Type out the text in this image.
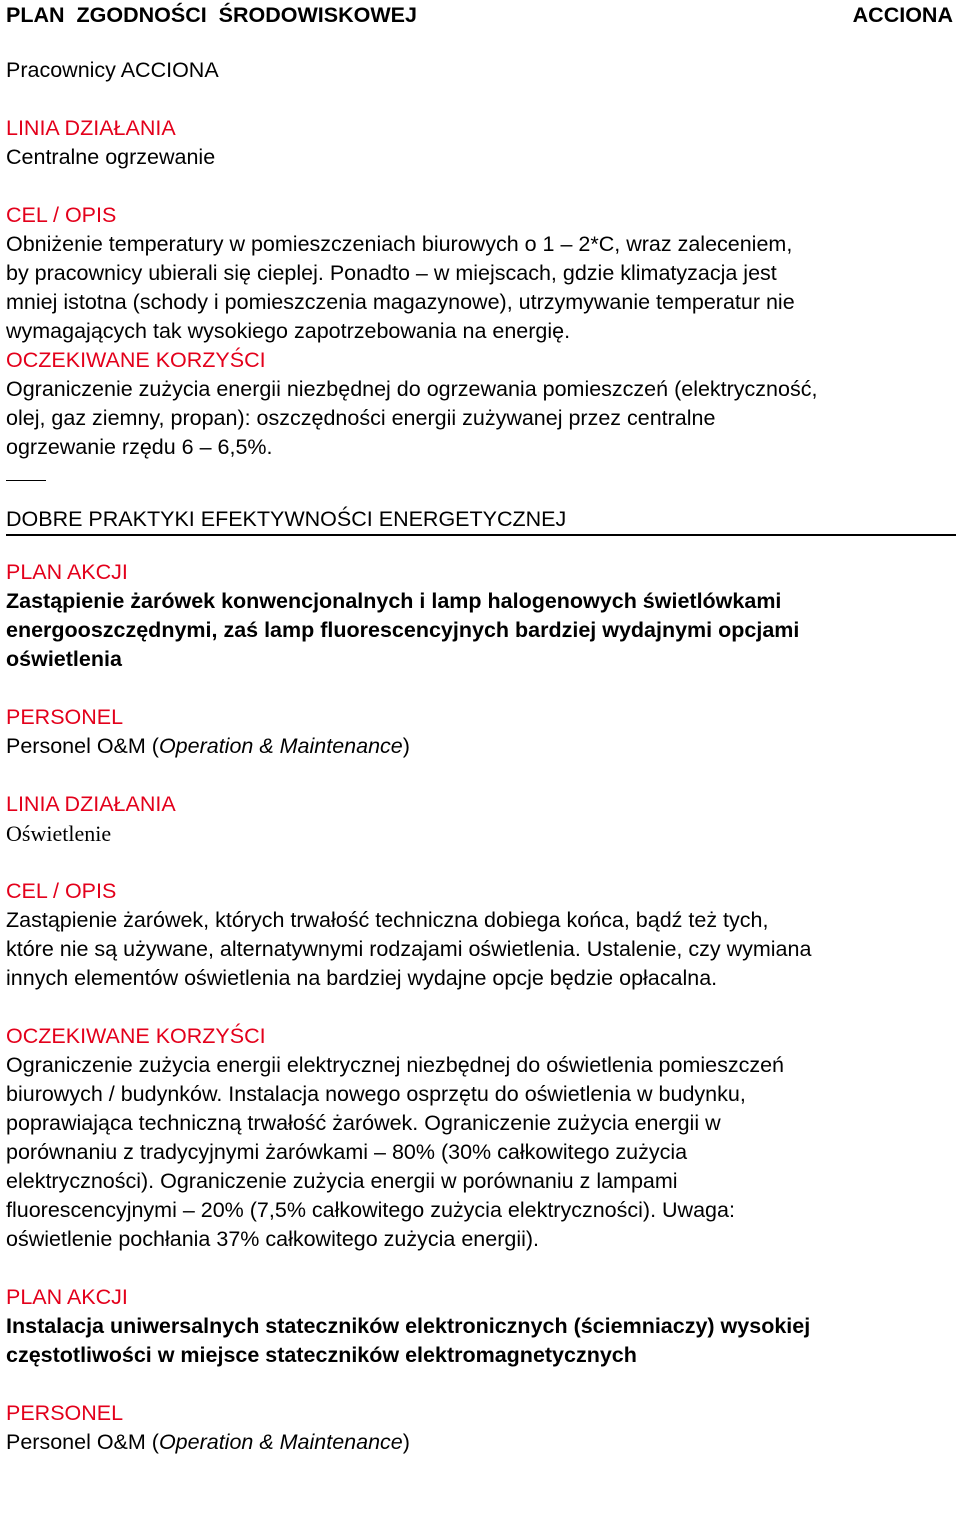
PLAN ZGODNOŚCI ŚRODOWISKOWEJ	ACCIONA
Pracownicy ACCIONA
LINIA DZIAŁANIA
Centralne ogrzewanie
CEL / OPIS
Obniżenie temperatury w pomieszczeniach biurowych o 1 – 2*C, wraz zaleceniem,
by pracownicy ubierali się cieplej. Ponadto – w miejscach, gdzie klimatyzacja jest
mniej istotna (schody i pomieszczenia magazynowe), utrzymywanie temperatur nie
wymagających tak wysokiego zapotrzebowania na energię.
OCZEKIWANE KORZYŚCI
Ograniczenie zużycia energii niezbędnej do ogrzewania pomieszczeń (elektryczność,
olej, gaz ziemny, propan): oszczędności energii zużywanej przez centralne
ogrzewanie rzędu 6 – 6,5%.
DOBRE PRAKTYKI EFEKTYWNOŚCI ENERGETYCZNEJ
PLAN AKCJI
Zastąpienie żarówek konwencjonalnych i lamp halogenowych świetlówkami
energooszczędnymi, zaś lamp fluorescencyjnych bardziej wydajnymi opcjami
oświetlenia
PERSONEL
Personel O&M (Operation & Maintenance)
LINIA DZIAŁANIA
Oświetlenie
CEL / OPIS
Zastąpienie żarówek, których trwałość techniczna dobiega końca, bądź też tych,
które nie są używane, alternatywnymi rodzajami oświetlenia. Ustalenie, czy wymiana
innych elementów oświetlenia na bardziej wydajne opcje będzie opłacalna.
OCZEKIWANE KORZYŚCI
Ograniczenie zużycia energii elektrycznej niezbędnej do oświetlenia pomieszczeń
biurowych / budynków. Instalacja nowego osprzętu do oświetlenia w budynku,
poprawiająca techniczną trwałość żarówek. Ograniczenie zużycia energii w
porównaniu z tradycyjnymi żarówkami – 80% (30% całkowitego zużycia
elektryczności). Ograniczenie zużycia energii w porównaniu z lampami
fluorescencyjnymi – 20% (7,5% całkowitego zużycia elektryczności). Uwaga:
oświetlenie pochłania 37% całkowitego zużycia energii).
PLAN AKCJI
Instalacja uniwersalnych stateczników elektronicznych (ściemniaczy) wysokiej
częstotliwości w miejsce stateczników elektromagnetycznych
PERSONEL
Personel O&M (Operation & Maintenance)
